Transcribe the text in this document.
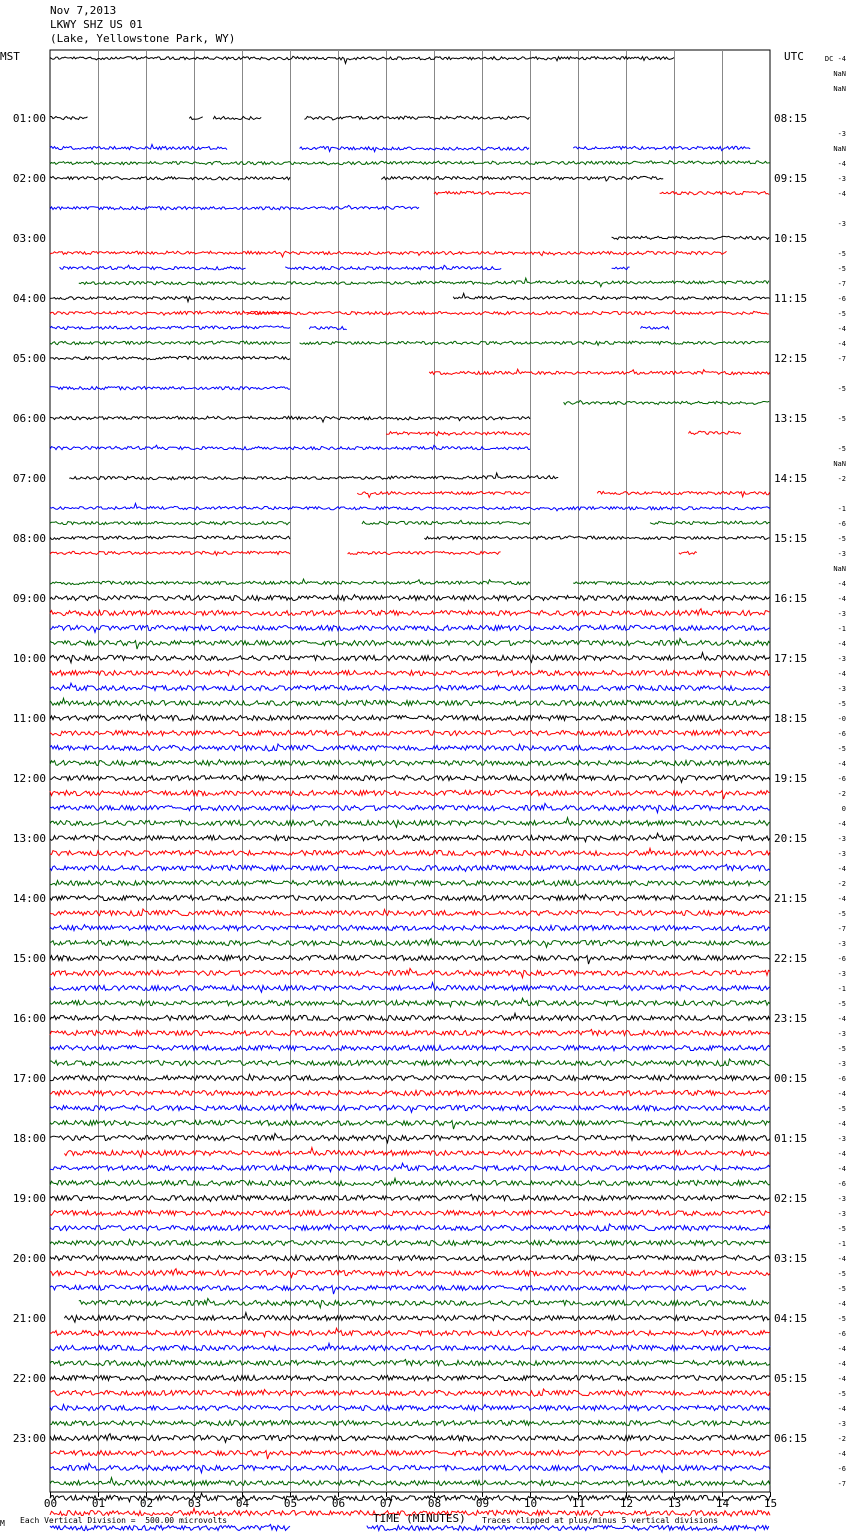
Nov 7,2013
LKWY SHZ US 01
(Lake, Yellowstone Park, WY)
MST	UTC
00	01	02	03	04	05	06	07	08	09	10	11	12	13	14	15
01:00
02:00
03:00
04:00
05:00
06:00
07:00
08:00
09:00
10:00
11:00
12:00
13:00
14:00
15:00
16:00
17:00
18:00
19:00
20:00
21:00
22:00
23:00
08:15
09:15
10:15
11:15
12:15
13:15
14:15
15:15
16:15
17:15
18:15
19:15
20:15
21:15
22:15
23:15
00:15
01:15
02:15
03:15
04:15
05:15
06:15
DC -4
NaN
NaN
-3
NaN
-4
-3
-4
-3
-5
-5
-7
-6
-5
-4
-4
-7
-5
-5
-5
NaN
-2
-1
-6
-5
-3
NaN
-4
-4
-3
-1
-4
-3
-4
-3
-5
-0
-6
-5
-4
-6
-2
0
-4
-3
-3
-4
-2
-4
-5
-7
-3
-6
-3
-1
-5
-4
-3
-5
-3
-6
-4
-5
-4
-3
-4
-4
-6
-3
-3
-5
-1
-4
-5
-5
-4
-5
-6
-4
-4
-4
-5
-4
-3
-2
-4
-6
-7
M Each Vertical Division =  500.00 microvolts	TIME (MINUTES) Traces clipped at plus/minus 5 vertical divisions
